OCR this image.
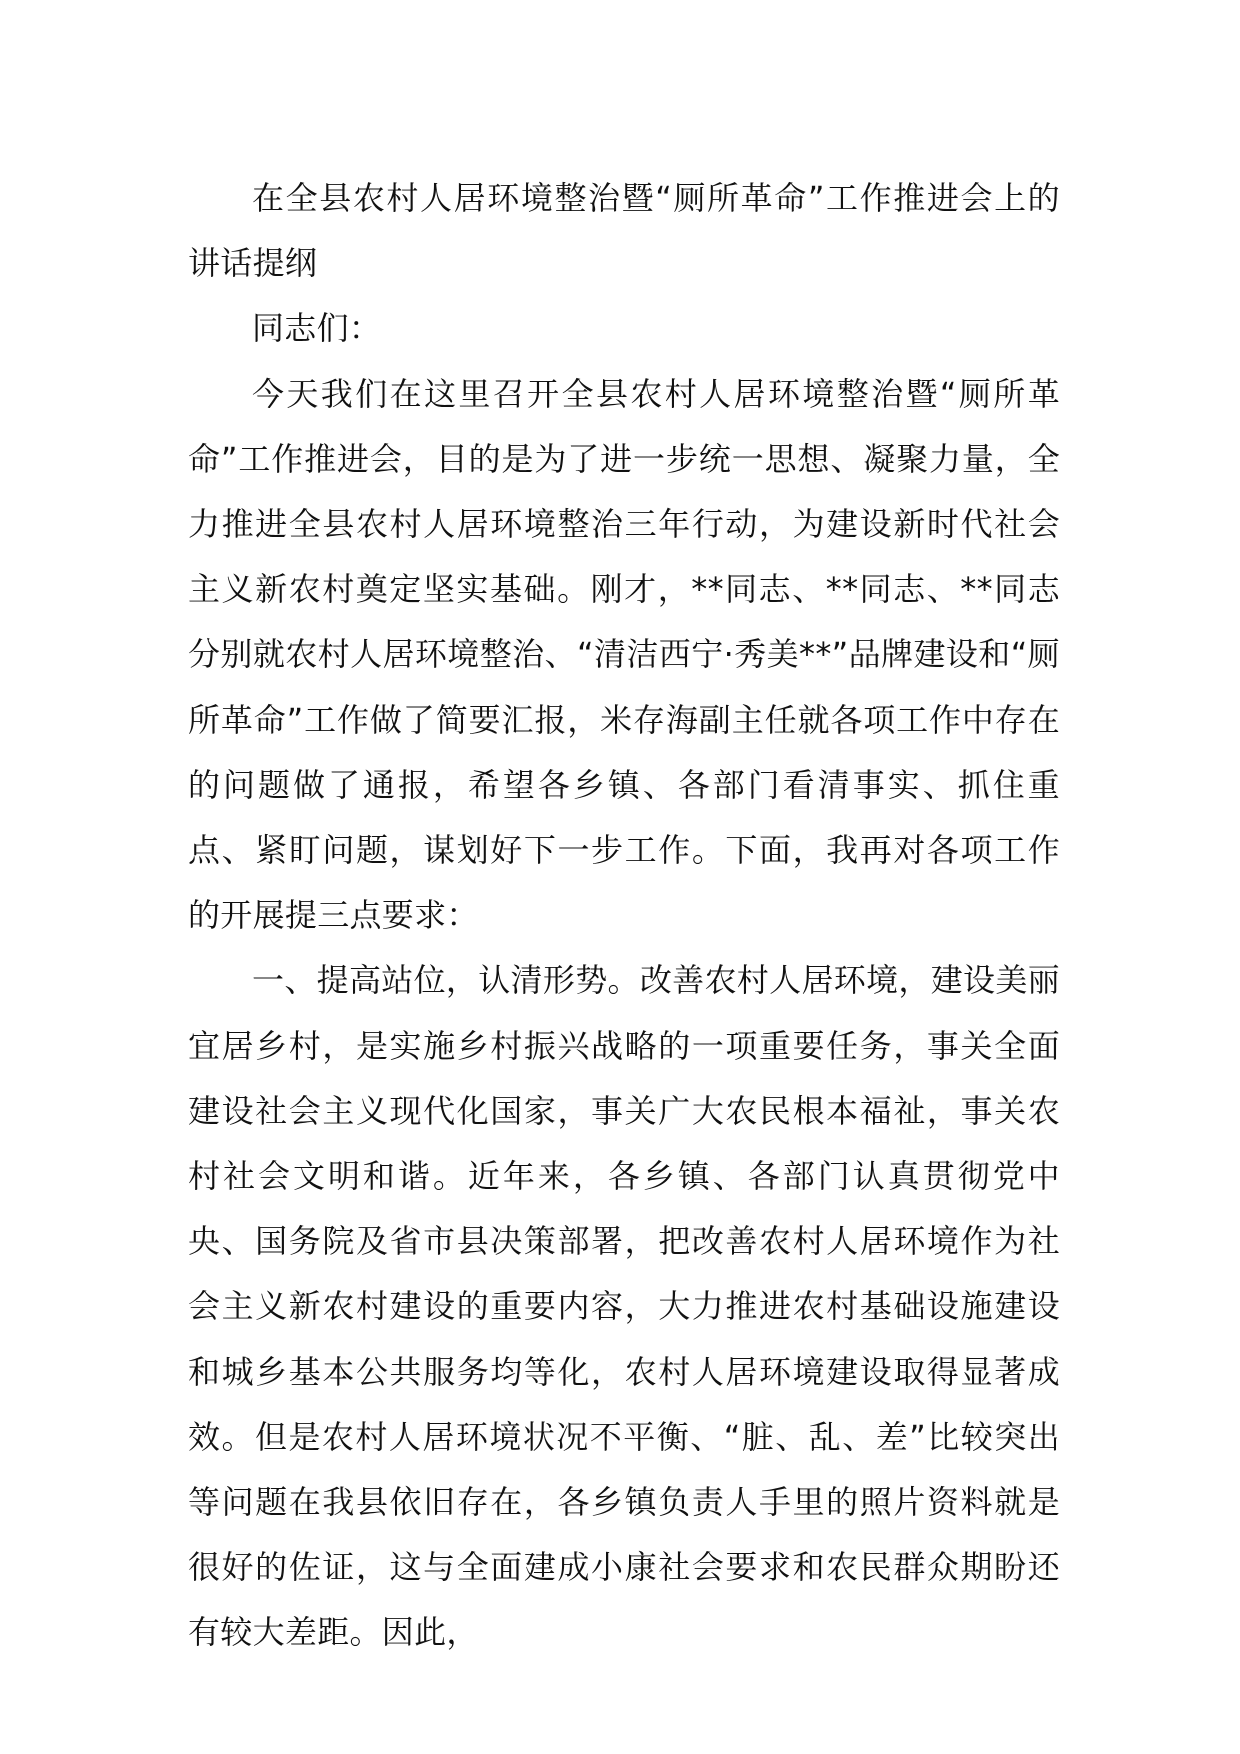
在全县农村人居环境整治暨“厕所革命”工作推进会上的讲话提纲

同志们：

今天我们在这里召开全县农村人居环境整治暨“厕所革命”工作推进会，目的是为了进一步统一思想、凝聚力量，全力推进全县农村人居环境整治三年行动，为建设新时代社会主义新农村奠定坚实基础。刚才，**同志、**同志、**同志分别就农村人居环境整治、“清洁西宁·秀美**”品牌建设和“厕所革命”工作做了简要汇报，米存海副主任就各项工作中存在的问题做了通报，希望各乡镇、各部门看清事实、抓住重点、紧盯问题，谋划好下一步工作。下面，我再对各项工作的开展提三点要求：

一、提高站位，认清形势。改善农村人居环境，建设美丽宜居乡村，是实施乡村振兴战略的一项重要任务，事关全面建设社会主义现代化国家，事关广大农民根本福祉，事关农村社会文明和谐。近年来，各乡镇、各部门认真贯彻党中央、国务院及省市县决策部署，把改善农村人居环境作为社会主义新农村建设的重要内容，大力推进农村基础设施建设和城乡基本公共服务均等化，农村人居环境建设取得显著成效。但是农村人居环境状况不平衡、“脏、乱、差”比较突出等问题在我县依旧存在，各乡镇负责人手里的照片资料就是很好的佐证，这与全面建成小康社会要求和农民群众期盼还有较大差距。因此，
